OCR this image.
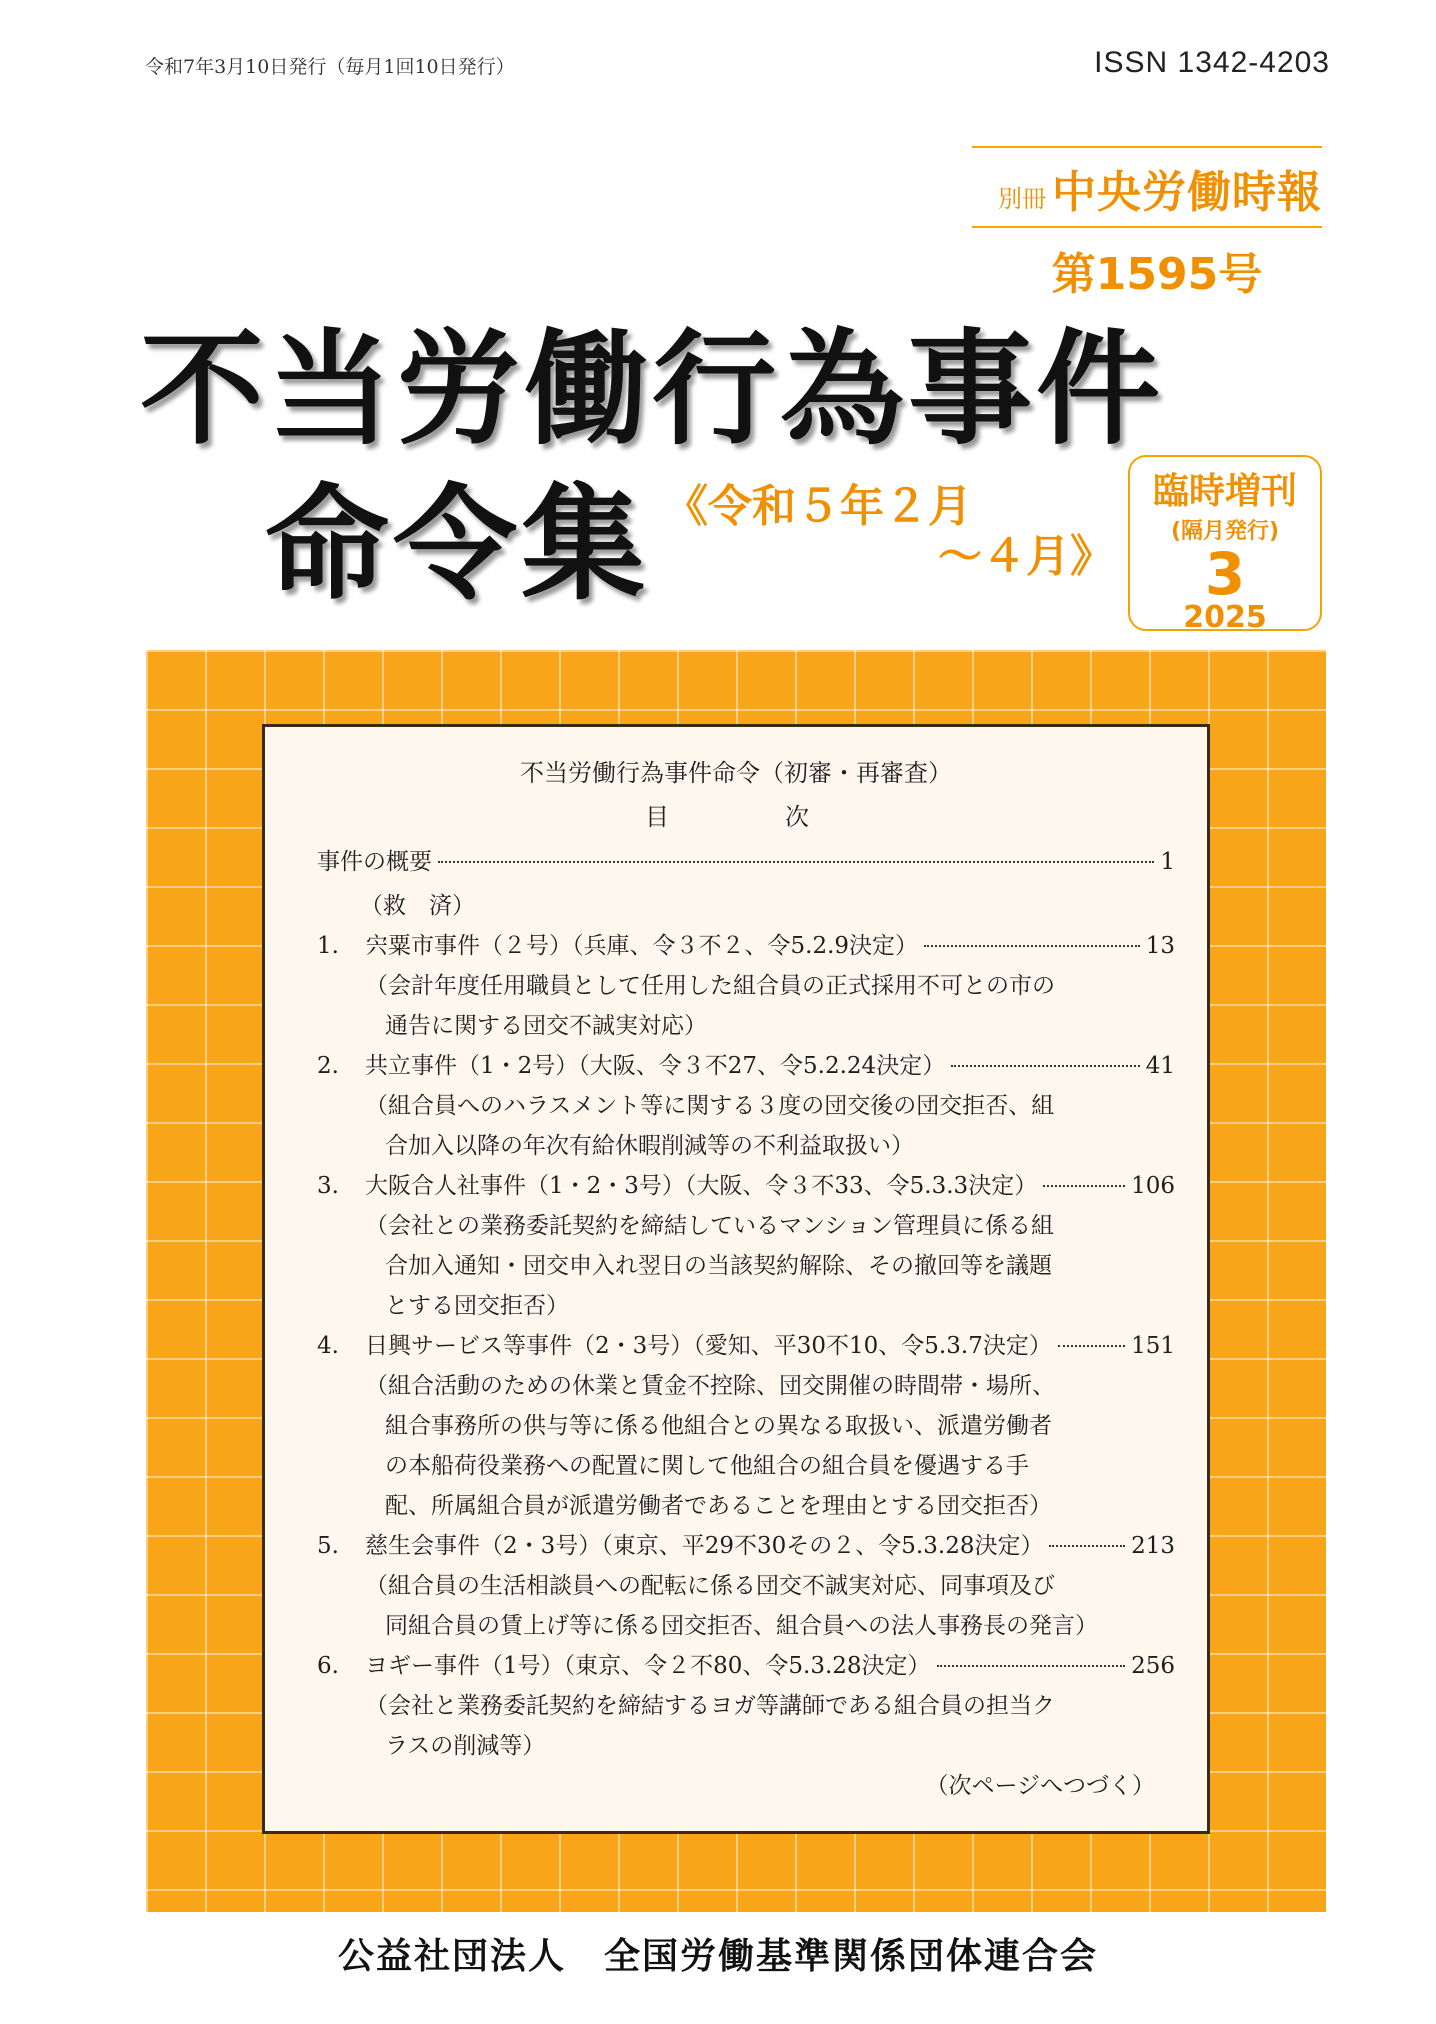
令和7年3月10日発行（毎月1回10日発行）	ISSN 1342-4203
別冊 中央労働時報
第1595号
不当労働行為事件
命令集 《令和５年２月
～４月》
臨時増刊
(隔月発行)
3
2025
不当労働行為事件命令（初審・再審査）
目次
事件の概要	1
（救　済）
1. 宍粟市事件（２号）（兵庫、令３不２、令5.2.9決定）	13
（会計年度任用職員として任用した組合員の正式採用不可との市の
通告に関する団交不誠実対応）
2. 共立事件（1・2号）（大阪、令３不27、令5.2.24決定）	41
（組合員へのハラスメント等に関する３度の団交後の団交拒否、組
合加入以降の年次有給休暇削減等の不利益取扱い）
3. 大阪合人社事件（1・2・3号）（大阪、令３不33、令5.3.3決定）	106
（会社との業務委託契約を締結しているマンション管理員に係る組
合加入通知・団交申入れ翌日の当該契約解除、その撤回等を議題
とする団交拒否）
4. 日興サービス等事件（2・3号）（愛知、平30不10、令5.3.7決定）	151
（組合活動のための休業と賃金不控除、団交開催の時間帯・場所、
組合事務所の供与等に係る他組合との異なる取扱い、派遣労働者
の本船荷役業務への配置に関して他組合の組合員を優遇する手
配、所属組合員が派遣労働者であることを理由とする団交拒否）
5. 慈生会事件（2・3号）（東京、平29不30その２、令5.3.28決定）	213
（組合員の生活相談員への配転に係る団交不誠実対応、同事項及び
同組合員の賃上げ等に係る団交拒否、組合員への法人事務長の発言）
6. ヨギー事件（1号）（東京、令２不80、令5.3.28決定）	256
（会社と業務委託契約を締結するヨガ等講師である組合員の担当ク
ラスの削減等）
（次ページへつづく）
公益社団法人　全国労働基準関係団体連合会
